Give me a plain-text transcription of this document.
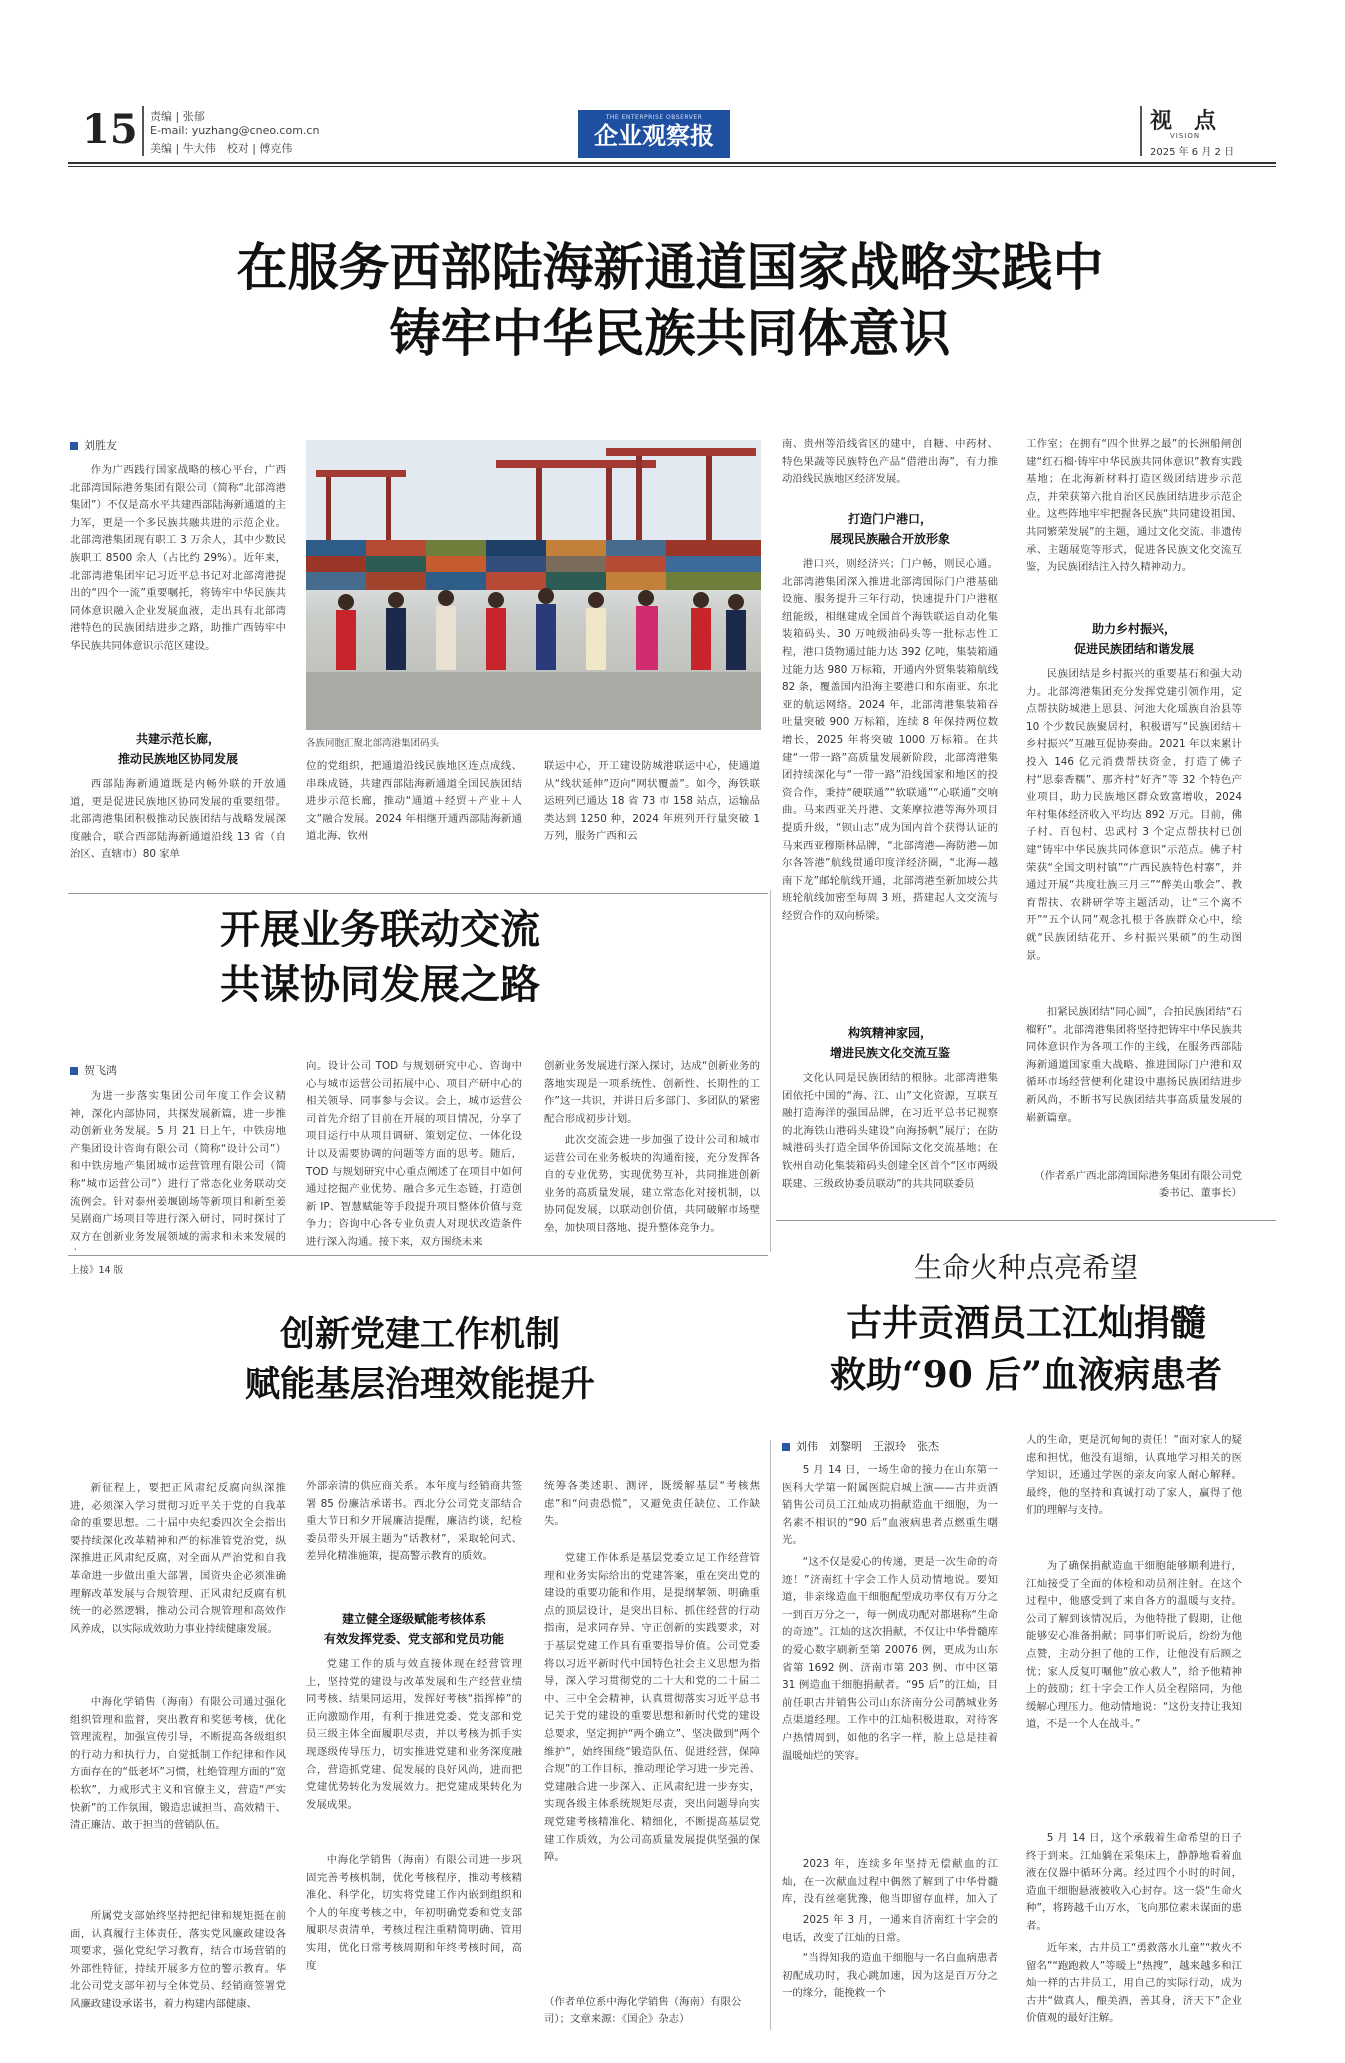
15 责编 | 张郁
E-mail: yuzhang@cneo.com.cn
美编 | 牛大伟　校对 | 傅克伟
THE ENTERPRISE OBSERVER
企业观察报	视　点
VISION
2025 年 6 月 2 日
在服务西部陆海新通道国家战略实践中
铸牢中华民族共同体意识
刘胜友

作为广西践行国家战略的核心平台，广西北部湾国际港务集团有限公司（简称“北部湾港集团”）不仅是高水平共建西部陆海新通道的主力军，更是一个多民族共融共进的示范企业。北部湾港集团现有职工 3 万余人，其中少数民族职工 8500 余人（占比约 29%）。近年来，北部湾港集团牢记习近平总书记对北部湾港提出的“四个一流”重要嘱托，将铸牢中华民族共同体意识融入企业发展血液，走出具有北部湾港特色的民族团结进步之路，助推广西铸牢中华民族共同体意识示范区建设。

共建示范长廊，
推动民族地区协同发展

西部陆海新通道既是内畅外联的开放通道，更是促进民族地区协同发展的重要纽带。北部湾港集团积极推动民族团结与战略发展深度融合，联合西部陆海新通道沿线 13 省（自治区、直辖市）80 家单

各族同胞汇聚北部湾港集团码头

位的党组织，把通道沿线民族地区连点成线、串珠成链，共建西部陆海新通道全国民族团结进步示范长廊，推动“通道＋经贸＋产业＋人文”融合发展。2024 年相继开通西部陆海新通道北海、钦州

联运中心，开工建设防城港联运中心，使通道从“线状延伸”迈向“网状覆盖”。如今，海铁联运班列已通达 18 省 73 市 158 站点，运输品类达到 1250 种，2024 年班列开行量突破 1 万列，服务广西和云

南、贵州等沿线省区的建中，自糖、中药材、特色果蔬等民族特色产品“借港出海”，有力推动沿线民族地区经济发展。

打造门户港口，
展现民族融合开放形象

港口兴，则经济兴；门户畅，则民心通。北部湾港集团深入推进北部湾国际门户港基础设施、服务提升三年行动，快速提升门户港枢纽能级，相继建成全国首个海铁联运自动化集装箱码头、30 万吨级油码头等一批标志性工程，港口货物通过能力达 392 亿吨，集装箱通过能力达 980 万标箱，开通内外贸集装箱航线 82 条，覆盖国内沿海主要港口和东南亚、东北亚的航运网络。2024 年，北部湾港集装箱吞吐量突破 900 万标箱，连续 8 年保持两位数增长，2025 年将突破 1000 万标箱。在共建“一带一路”高质量发展新阶段，北部湾港集团持续深化与“一带一路”沿线国家和地区的投资合作，秉持“硬联通”“软联通”“心联通”交响曲。马来西亚关丹港、文莱摩拉港等海外项目提质升级，“钡山志”成为国内首个获得认证的马来西亚穆斯林品牌，“北部湾港—海防港—加尔各答港”航线贯通印度洋经济圈，“北海—越南下龙”邮轮航线开通，北部湾港至新加坡公共班轮航线加密至每周 3 班，搭建起人文交流与经贸合作的双向桥梁。

构筑精神家园，
增进民族文化交流互鉴

文化认同是民族团结的根脉。北部湾港集团依托中国的“海、江、山”文化资源，互联互融打造海洋的强国品牌，在习近平总书记视察的北海铁山港码头建设“向海扬帆”展厅；在防城港码头打造全国华侨国际文化交流基地；在钦州自动化集装箱码头创建全区首个“区市两级联建、三级政协委员联动”的共共同联委员

工作室；在拥有“四个世界之最”的长洲船闸创建“红石榴·铸牢中华民族共同体意识”教育实践基地；在北海新材料打造区级团结进步示范点，并荣获第六批自治区民族团结进步示范企业。这些阵地牢牢把握各民族“共同建设祖国、共同繁荣发展”的主题，通过文化交流、非遗传承、主题展览等形式，促进各民族文化交流互鉴，为民族团结注入持久精神动力。

助力乡村振兴，
促进民族团结和谐发展

民族团结是乡村振兴的重要基石和强大动力。北部湾港集团充分发挥党建引领作用，定点帮扶防城港上思县、河池大化瑶族自治县等 10 个少数民族聚居村，积极谱写“民族团结＋乡村振兴”互融互促协奏曲。2021 年以来累计投入 146 亿元消费帮扶资金，打造了佛子村“思泰香糯”、那齐村“好齐”等 32 个特色产业项目，助力民族地区群众致富增收，2024 年村集体经济收入平均达 892 万元。目前，佛子村、百包村、忠武村 3 个定点帮扶村已创建“铸牢中华民族共同体意识”示范点。佛子村荣获“全国文明村镇”“广西民族特色村寨”，并通过开展“共度壮族三月三”“醉美山歌会”、教育帮扶、农耕研学等主题活动，让“三个离不开”“五个认同”观念扎根于各族群众心中，绘就“民族团结花开、乡村振兴果硕”的生动图景。

扣紧民族团结“同心圆”，合拍民族团结“石榴籽”。北部湾港集团将坚持把铸牢中华民族共同体意识作为各项工作的主线，在服务西部陆海新通道国家重大战略、推进国际门户港和双循环市场经营便利化建设中惠扬民族团结进步新风尚，不断书写民族团结共事高质量发展的崭新篇章。

（作者系广西北部湾国际港务集团有限公司党委书记、董事长）
开展业务联动交流
共谋协同发展之路
贺飞鸿

为进一步落实集团公司年度工作会议精神，深化内部协同，共探发展新篇，进一步推动创新业务发展。5 月 21 日上午，中铁房地产集团设计咨询有限公司（简称“设计公司”）和中铁房地产集团城市运营管理有限公司（简称“城市运营公司”）进行了常态化业务联动交流例会。针对泰州姜堰剧场等新项目和新至姜吴剧商广场项目等进行深入研讨，同时探讨了双方在创新业务发展领域的需求和未来发展的

向。设计公司 TOD 与规划研究中心、咨询中心与城市运营公司拓展中心、项目产研中心的相关领导、同事参与会议。会上，城市运营公司首先介绍了目前在开展的项目情况，分享了项目运行中从项目调研、策划定位、一体化设计以及需要协调的问题等方面的思考。随后，TOD 与规划研究中心重点阐述了在项目中如何通过挖掘产业优势、融合多元生态链，打造创新 IP、智慧赋能等手段提升项目整体价值与竞争力；咨询中心各专业负责人对现状改造条件进行深入沟通。接下来，双方围绕未来

创新业务发展进行深入探讨，达成“创新业务的落地实现是一项系统性、创新性、长期性的工作”这一共识，并讲日后多部门、多团队的紧密配合形成初步计划。

此次交流会进一步加强了设计公司和城市运营公司在业务板块的沟通衔接，充分发挥各自的专业优势，实现优势互补，共同推进创新业务的高质量发展，建立常态化对接机制，以协同促发展，以联动创价值，共同破解市场壁垒，加快项目落地、提升整体竞争力。

上接》14 版
创新党建工作机制
赋能基层治理效能提升

新征程上，要把正风肃纪反腐向纵深推进，必须深入学习贯彻习近平关于党的自我革命的重要思想。二十届中央纪委四次全会指出要持续深化改革精神和严的标准管党治党，纵深推进正风肃纪反腐，对全面从严治党和自我革命进一步做出重大部署，国资央企必须准确理解改革发展与合规管理、正风肃纪反腐有机统一的必然逻辑，推动公司合规管理和高效作风养成，以实际成效助力事业持续健康发展。

中海化学销售（海南）有限公司通过强化组织管理和监督，突出教育和奖惩考核，优化管理流程，加强宣传引导，不断提高各级组织的行动力和执行力，自觉抵制工作纪律和作风方面存在的“低老坏”习惯，杜绝管理方面的“宽松软”，力戒形式主义和官僚主义，营造“严实快新”的工作氛围，锻造忠诚担当、高效精干、清正廉洁、敢于担当的营销队伍。

所属党支部始终坚持把纪律和规矩挺在前面，认真履行主体责任，落实党风廉政建设各项要求，强化党纪学习教育，结合市场营销的外部性特征，持续开展多方位的警示教育。华北公司党支部年初与全体党员、经销商签署党风廉政建设承诺书，着力构建内部健康、

外部亲清的供应商关系。本年度与经销商共签署 85 份廉洁承诺书。西北分公司党支部结合重大节日和夕开展廉洁提醒，廉洁约谈，纪检委员带头开展主题为“话教材”，采取轮问式、差异化精准施策，提高警示教育的质效。

建立健全逐级赋能考核体系
有效发挥党委、党支部和党员功能

党建工作的质与效直接体现在经营管理上，坚持党的建设与改革发展和生产经营业绩同考核、结果同运用，发挥好考核“指挥棒”的正向激励作用，有利于推进党委、党支部和党员三级主体全面履职尽责，并以考核为抓手实现逐级传导压力，切实推进党建和业务深度融合，营造抓党建、促发展的良好风尚，进而把党建优势转化为发展效力。把党建成果转化为发展成果。

中海化学销售（海南）有限公司进一步巩固完善考核机制，优化考核程序，推动考核精准化、科学化，切实将党建工作内嵌到组织和个人的年度考核之中，年初明确党委和党支部履职尽责清单，考核过程注重精简明确、管用实用，优化日常考核周期和年终考核时间，高度

统筹各类述职、测评，既缓解基层“考核焦虑”和“问责恐慌”，又避免责任缺位、工作缺失。

党建工作体系是基层党委立足工作经营管理和业务实际给出的党建答案，重在突出党的建设的重要功能和作用，是提纲挈领、明确重点的顶层设计，是突出目标、抓住经营的行动指南，是求同存异、守正创新的实践要求，对于基层党建工作具有重要指导价值。公司党委将以习近平新时代中国特色社会主义思想为指导，深入学习贯彻党的二十大和党的二十届二中、三中全会精神，认真贯彻落实习近平总书记关于党的建设的重要思想和新时代党的建设总要求，坚定拥护“两个确立”、坚决做到“两个维护”，始终围绕“锻造队伍、促进经营，保障合规”的工作目标，推动理论学习进一步完善、党建融合进一步深入、正风肃纪进一步夯实，实现各级主体系统规矩尽责，突出问题导向实现党建考核精准化、精细化，不断提高基层党建工作质效，为公司高质量发展提供坚强的保障。

（作者单位系中海化学销售（海南）有限公司）；文章来源：《国企》杂志）
生命火种点亮希望
古井贡酒员工江灿捐髓
救助“90 后”血液病患者
刘伟　刘黎明　王淑玲　张杰

5 月 14 日，一场生命的接力在山东第一医科大学第一附属医院启城上演——古井贡酒销售公司员工江灿成功捐献造血干细胞，为一名素不相识的“90 后”血液病患者点燃重生曙光。

“这不仅是爱心的传递，更是一次生命的奇迹！”济南红十字会工作人员动情地说。要知道，非亲缘造血干细胞配型成功率仅有万分之一到百万分之一，每一例成功配对都堪称“生命的奇迹”。江灿的这次捐献，不仅让中华骨髓库的爱心数字刷新至第 20076 例，更成为山东省第 1692 例、济南市第 203 例、市中区第 31 例造血干细胞捐献者。“95 后”的江灿，目前任职古井销售公司山东济南分公司鹊城业务点渠道经理。工作中的江灿积极进取，对待客户热情周到，如他的名字一样，脸上总是挂着温暖灿烂的笑容。

2023 年，连续多年坚持无偿献血的江灿，在一次献血过程中偶然了解到了中华骨髓库，没有丝毫犹豫，他当即留存血样，加入了

2025 年 3 月，一通来自济南红十字会的电话，改变了江灿的日常。

“当得知我的造血干细胞与一名白血病患者初配成功时，我心跳加速，因为这是百万分之一的缘分，能挽救一个

人的生命，更是沉甸甸的责任！”面对家人的疑虑和担忧，他没有退缩，认真地学习相关的医学知识，还通过学医的亲友向家人耐心解释。最终，他的坚持和真诚打动了家人，赢得了他们的理解与支持。

为了确保捐献造血干细胞能够顺利进行，江灿接受了全面的体检和动员剂注射。在这个过程中，他感受到了来自各方的温暖与支持。公司了解到该情况后，为他特批了假期，让他能够安心准备捐献；同事们听说后，纷纷为他点赞，主动分担了他的工作，让他没有后顾之忧；家人反复叮嘱他“放心救人”，给予他精神上的鼓励；红十字会工作人员全程陪同，为他缓解心理压力。他动情地说：“这份支持让我知道，不是一个人在战斗。”

5 月 14 日，这个承载着生命希望的日子终于到来。江灿躺在采集床上，静静地看着血液在仪器中循环分离。经过四个小时的时间，造血干细胞悬液被收入心封存。这一袋“生命火种”，将跨越千山万水，飞向那位素未谋面的患者。

近年来，古井员工“勇救落水儿童”“救火不留名”“跑跑救人”等暖上“热搜”，越来越多和江灿一样的古井员工，用自己的实际行动，成为古井“做真人，酿美酒，善其身，济天下”企业价值观的最好注解。
